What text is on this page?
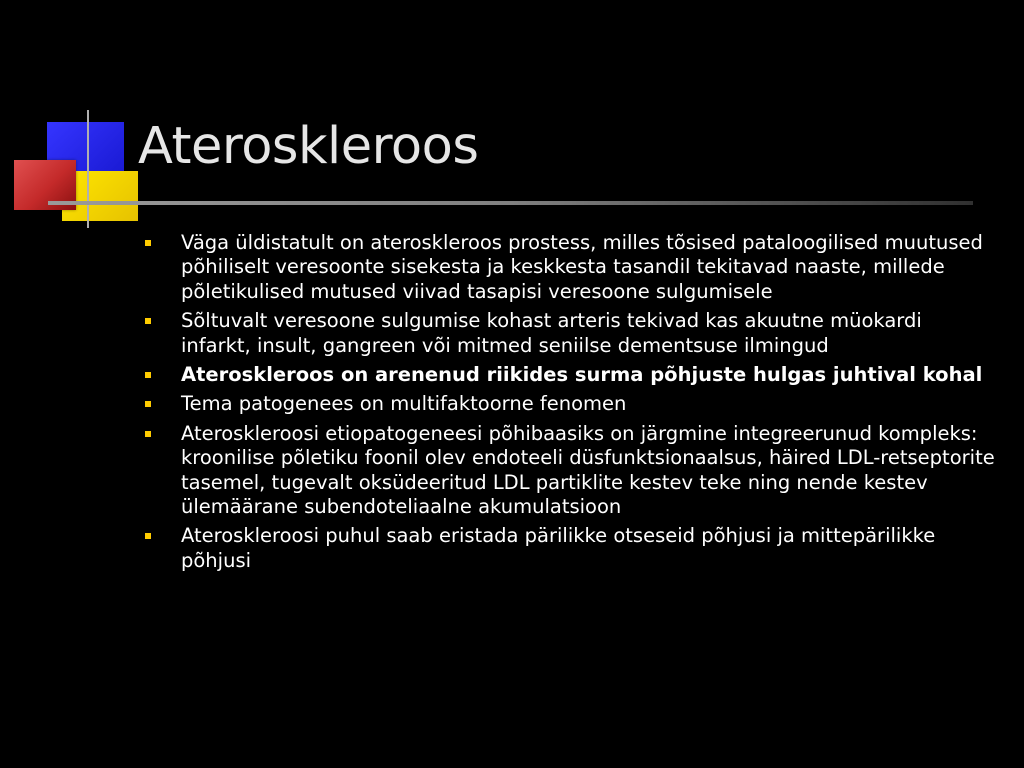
Ateroskleroos
Väga üldistatult on ateroskleroos prostess, milles tõsised pataloogilised muutused põhiliselt veresoonte sisekesta ja keskkesta tasandil tekitavad naaste, millede põletikulised mutused viivad tasapisi veresoone sulgumisele
Sõltuvalt veresoone sulgumise kohast arteris tekivad kas akuutne müokardi infarkt, insult, gangreen või mitmed seniilse dementsuse ilmingud
Ateroskleroos on arenenud riikides surma põhjuste hulgas juhtival kohal
Tema patogenees on multifaktoorne fenomen
Ateroskleroosi etiopatogeneesi põhibaasiks on järgmine integreerunud kompleks: kroonilise põletiku foonil olev endoteeli düsfunktsionaalsus, häired LDL-retseptorite tasemel, tugevalt oksüdeeritud LDL partiklite kestev teke ning nende kestev ülemäärane subendoteliaalne akumulatsioon
Ateroskleroosi puhul saab eristada pärilikke otseseid põhjusi ja mittepärilikke põhjusi
